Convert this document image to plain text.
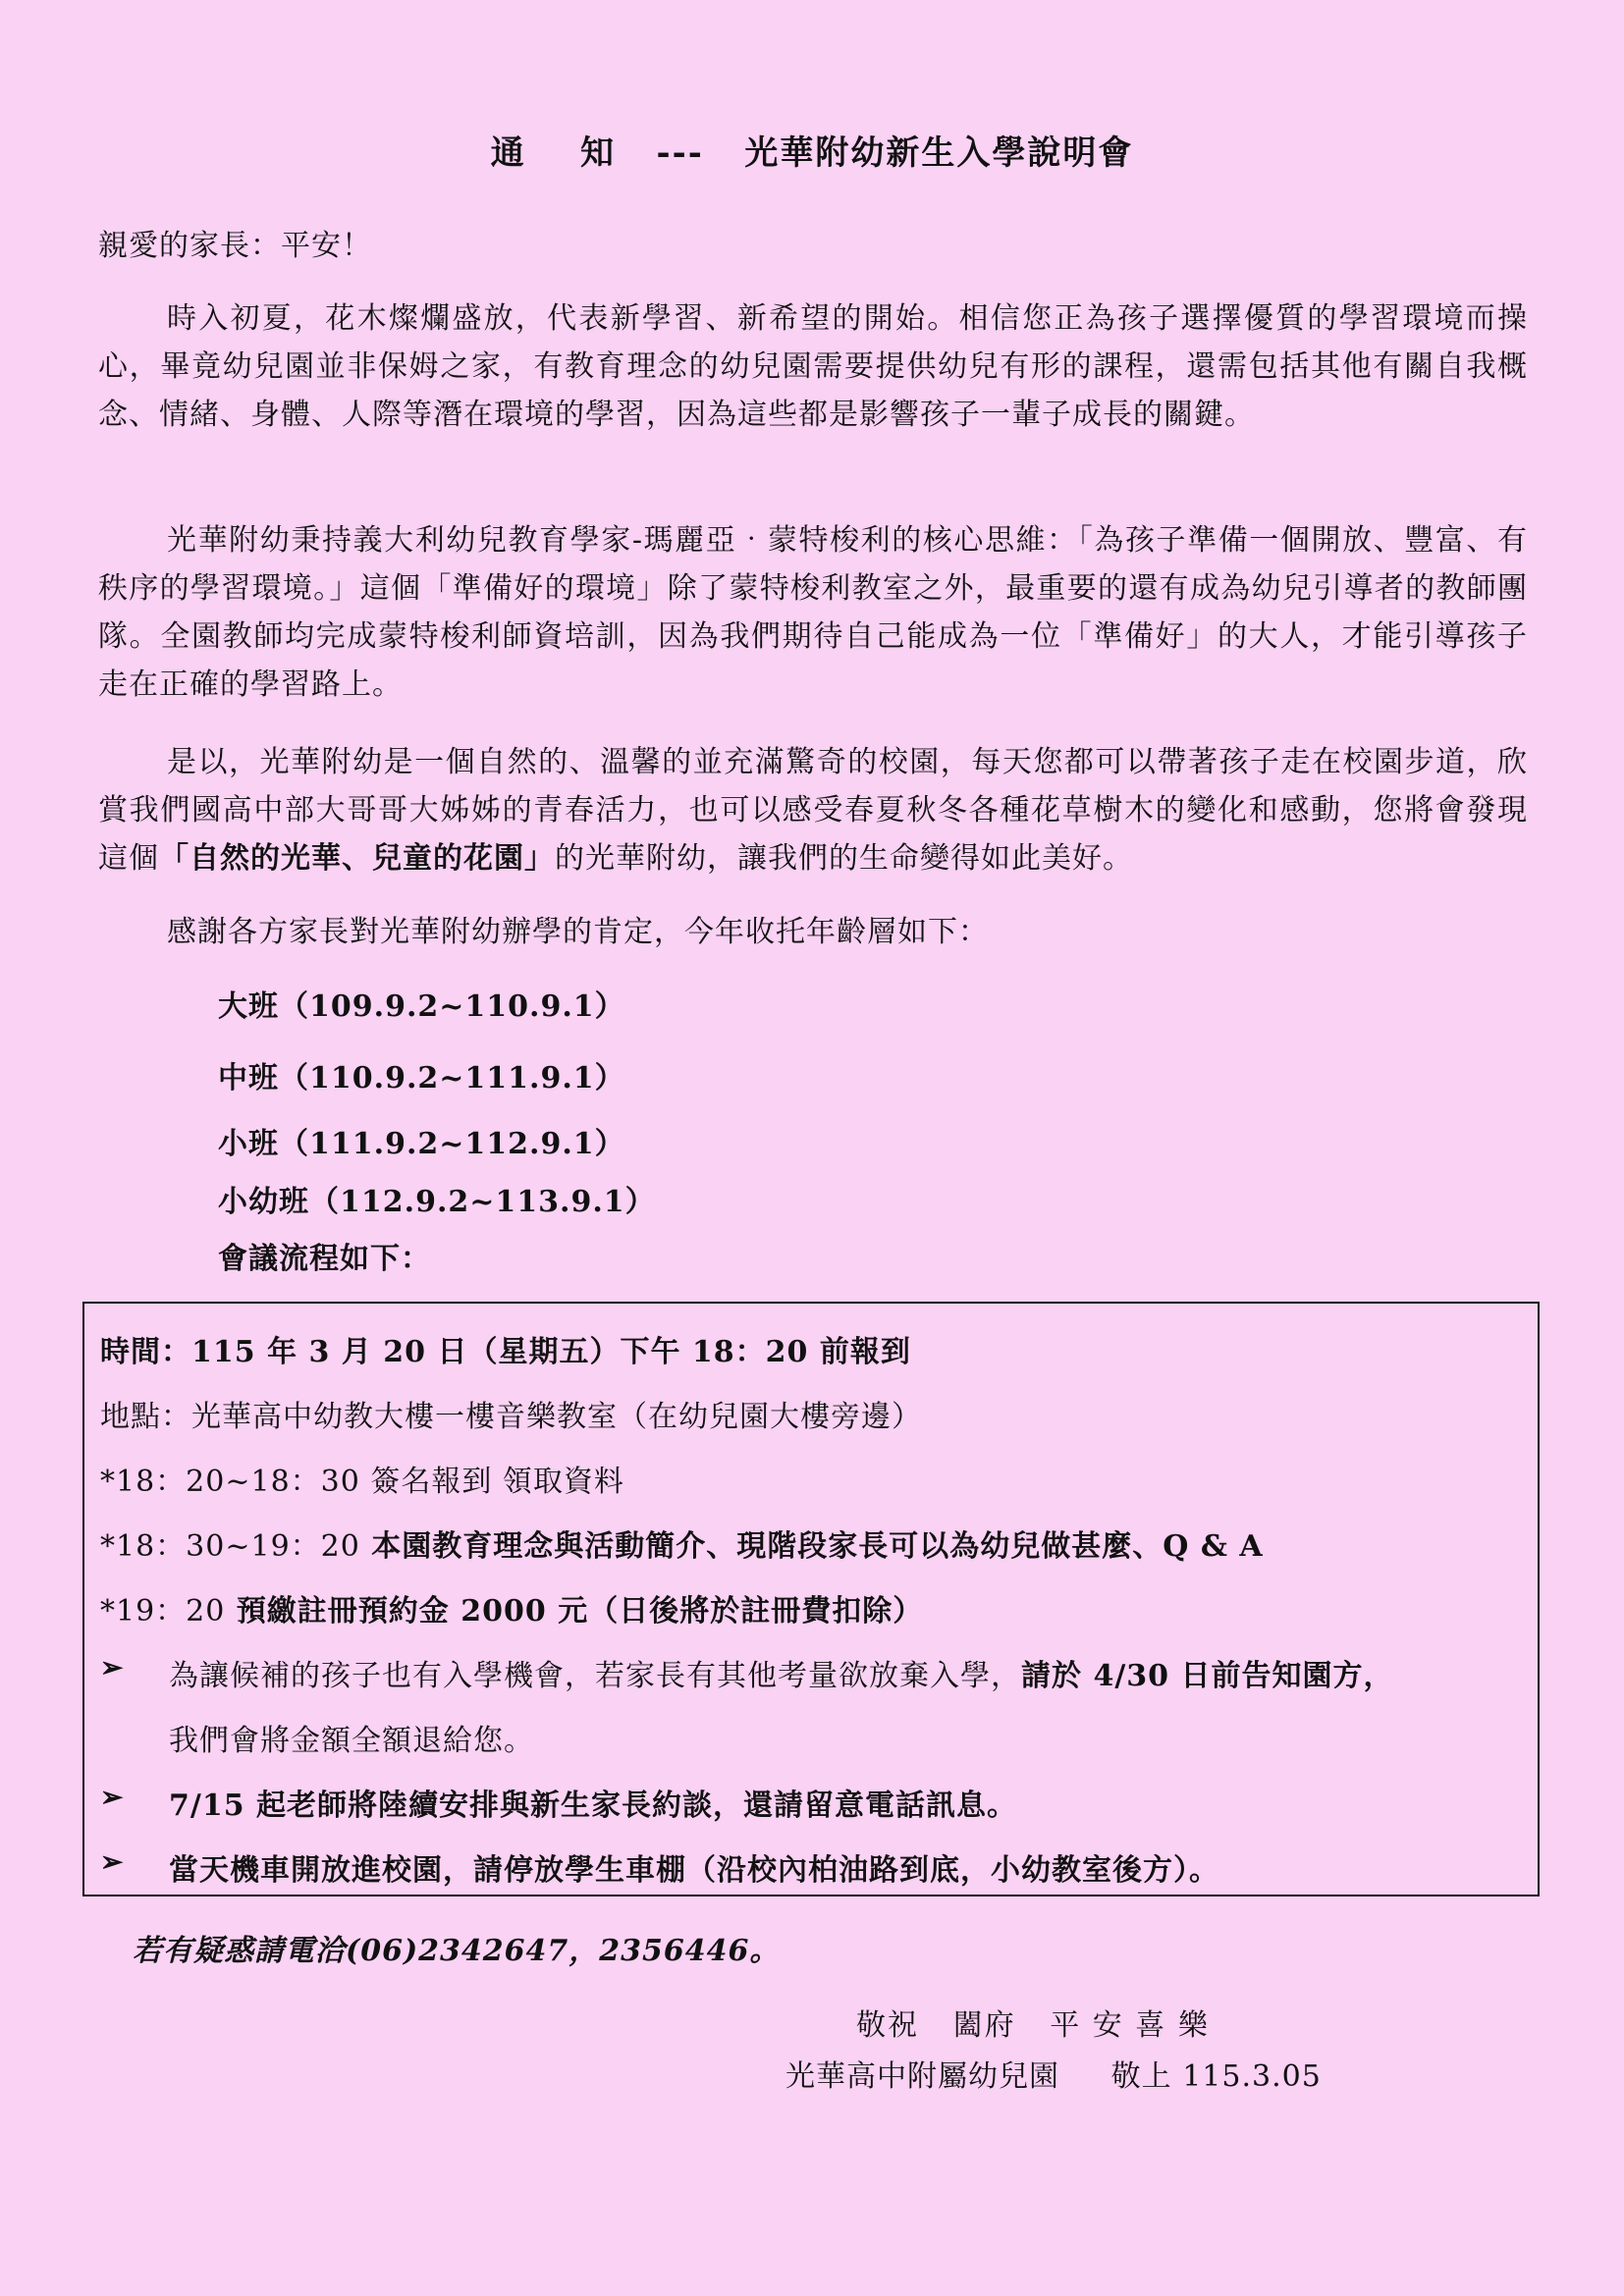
通    知   ---   光華附幼新生入學說明會
親愛的家長：平安！
時入初夏，花木燦爛盛放，代表新學習、新希望的開始。相信您正為孩子選擇優質的學習環境而操心，畢竟幼兒園並非保姆之家，有教育理念的幼兒園需要提供幼兒有形的課程，還需包括其他有關自我概念、情緒、身體、人際等潛在環境的學習，因為這些都是影響孩子一輩子成長的關鍵。
光華附幼秉持義大利幼兒教育學家-瑪麗亞‧蒙特梭利的核心思維：「為孩子準備一個開放、豐富、有秩序的學習環境。」這個「準備好的環境」除了蒙特梭利教室之外，最重要的還有成為幼兒引導者的教師團隊。全園教師均完成蒙特梭利師資培訓，因為我們期待自己能成為一位「準備好」的大人，才能引導孩子走在正確的學習路上。
是以，光華附幼是一個自然的、溫馨的並充滿驚奇的校園，每天您都可以帶著孩子走在校園步道，欣賞我們國高中部大哥哥大姊姊的青春活力，也可以感受春夏秋冬各種花草樹木的變化和感動，您將會發現這個「自然的光華、兒童的花園」的光華附幼，讓我們的生命變得如此美好。
感謝各方家長對光華附幼辦學的肯定，今年收托年齡層如下：
大班（109.9.2~110.9.1）
中班（110.9.2~111.9.1）
小班（111.9.2~112.9.1）
小幼班（112.9.2~113.9.1）
會議流程如下：
時間：115 年 3 月 20 日（星期五）下午 18：20 前報到
地點：光華高中幼教大樓一樓音樂教室（在幼兒園大樓旁邊）
*18：20~18：30 簽名報到 領取資料
*18：30~19：20 本園教育理念與活動簡介、現階段家長可以為幼兒做甚麼、Q & A
*19：20 預繳註冊預約金 2000 元（日後將於註冊費扣除）
➢ 為讓候補的孩子也有入學機會，若家長有其他考量欲放棄入學，請於 4/30 日前告知園方，
我們會將金額全額退給您。
➢ 7/15 起老師將陸續安排與新生家長約談，還請留意電話訊息。
➢ 當天機車開放進校園，請停放學生車棚（沿校內柏油路到底，小幼教室後方）。
若有疑惑請電洽(06)2342647，2356446。
敬祝   闔府   平 安 喜 樂
光華高中附屬幼兒園     敬上 115.3.05
